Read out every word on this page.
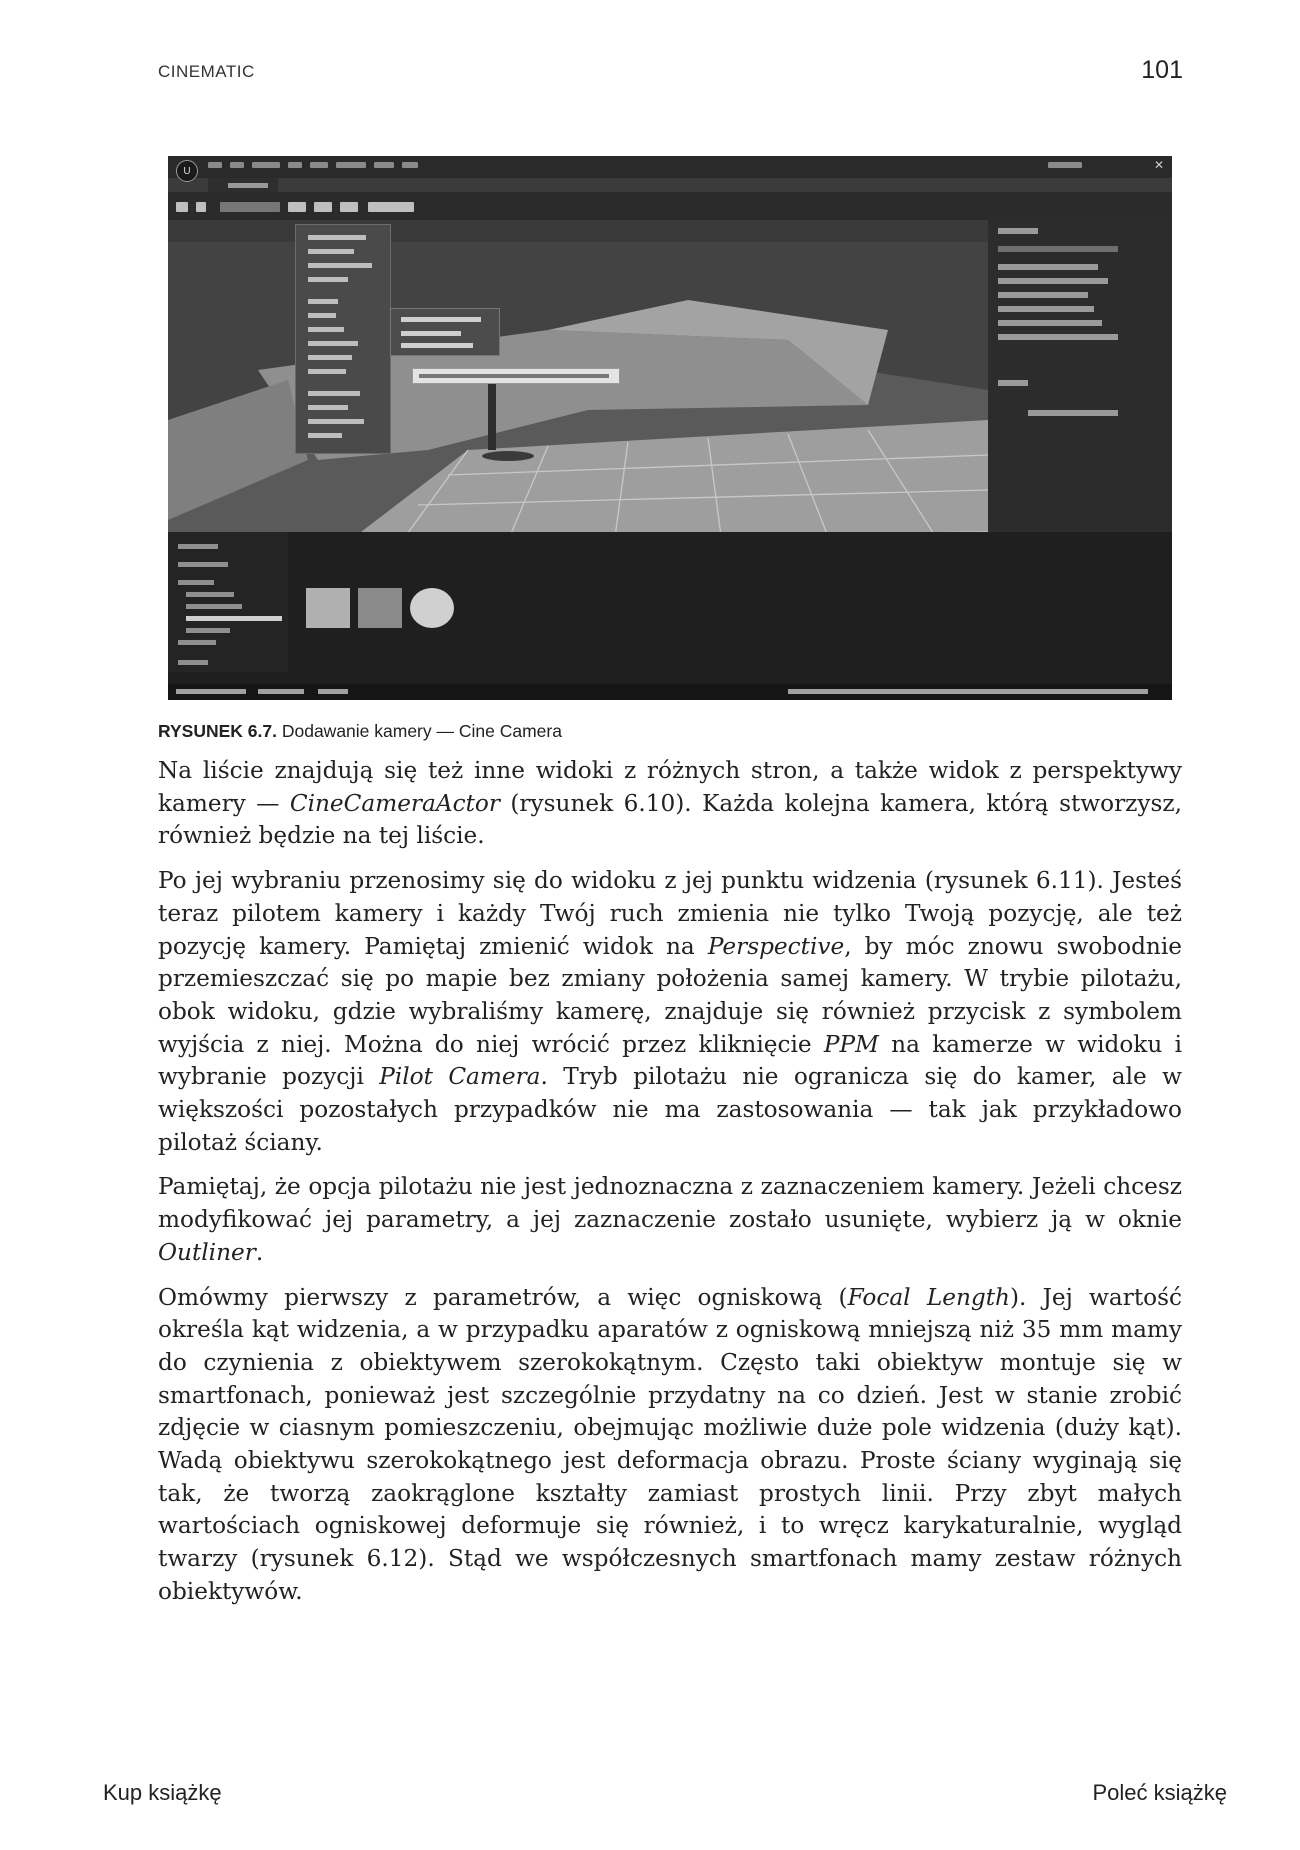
CINEMATIC	101
U	✕
RYSUNEK 6.7. Dodawanie kamery — Cine Camera

Na liście znajdują się też inne widoki z różnych stron, a także widok z perspektywy kamery — CineCameraActor (rysunek 6.10). Każda kolejna kamera, którą stworzysz, również będzie na tej liście.

Po jej wybraniu przenosimy się do widoku z jej punktu widzenia (rysunek 6.11). Jesteś teraz pilotem kamery i każdy Twój ruch zmienia nie tylko Twoją pozycję, ale też pozycję kamery. Pamiętaj zmienić widok na Perspective, by móc znowu swobodnie przemieszczać się po mapie bez zmiany położenia samej kamery. W trybie pilotażu, obok widoku, gdzie wybraliśmy kamerę, znajduje się również przycisk z symbolem wyjścia z niej. Można do niej wrócić przez kliknięcie PPM na kamerze w widoku i wybranie pozycji Pilot Camera. Tryb pilotażu nie ogranicza się do kamer, ale w większości pozostałych przypadków nie ma zastosowania — tak jak przykładowo pilotaż ściany.

Pamiętaj, że opcja pilotażu nie jest jednoznaczna z zaznaczeniem kamery. Jeżeli chcesz modyfikować jej parametry, a jej zaznaczenie zostało usunięte, wybierz ją w oknie Outliner.

Omówmy pierwszy z parametrów, a więc ogniskową (Focal Length). Jej wartość określa kąt widzenia, a w przypadku aparatów z ogniskową mniejszą niż 35 mm mamy do czynienia z obiektywem szerokokątnym. Często taki obiektyw montuje się w smartfonach, ponieważ jest szczególnie przydatny na co dzień. Jest w stanie zrobić zdjęcie w ciasnym pomieszczeniu, obejmując możliwie duże pole widzenia (duży kąt). Wadą obiektywu szerokokątnego jest deformacja obrazu. Proste ściany wyginają się tak, że tworzą zaokrąglone kształty zamiast prostych linii. Przy zbyt małych wartościach ogniskowej deformuje się również, i to wręcz karykaturalnie, wygląd twarzy (rysunek 6.12). Stąd we współczesnych smartfonach mamy zestaw różnych obiektywów.

Kup książkę	Poleć książkę
